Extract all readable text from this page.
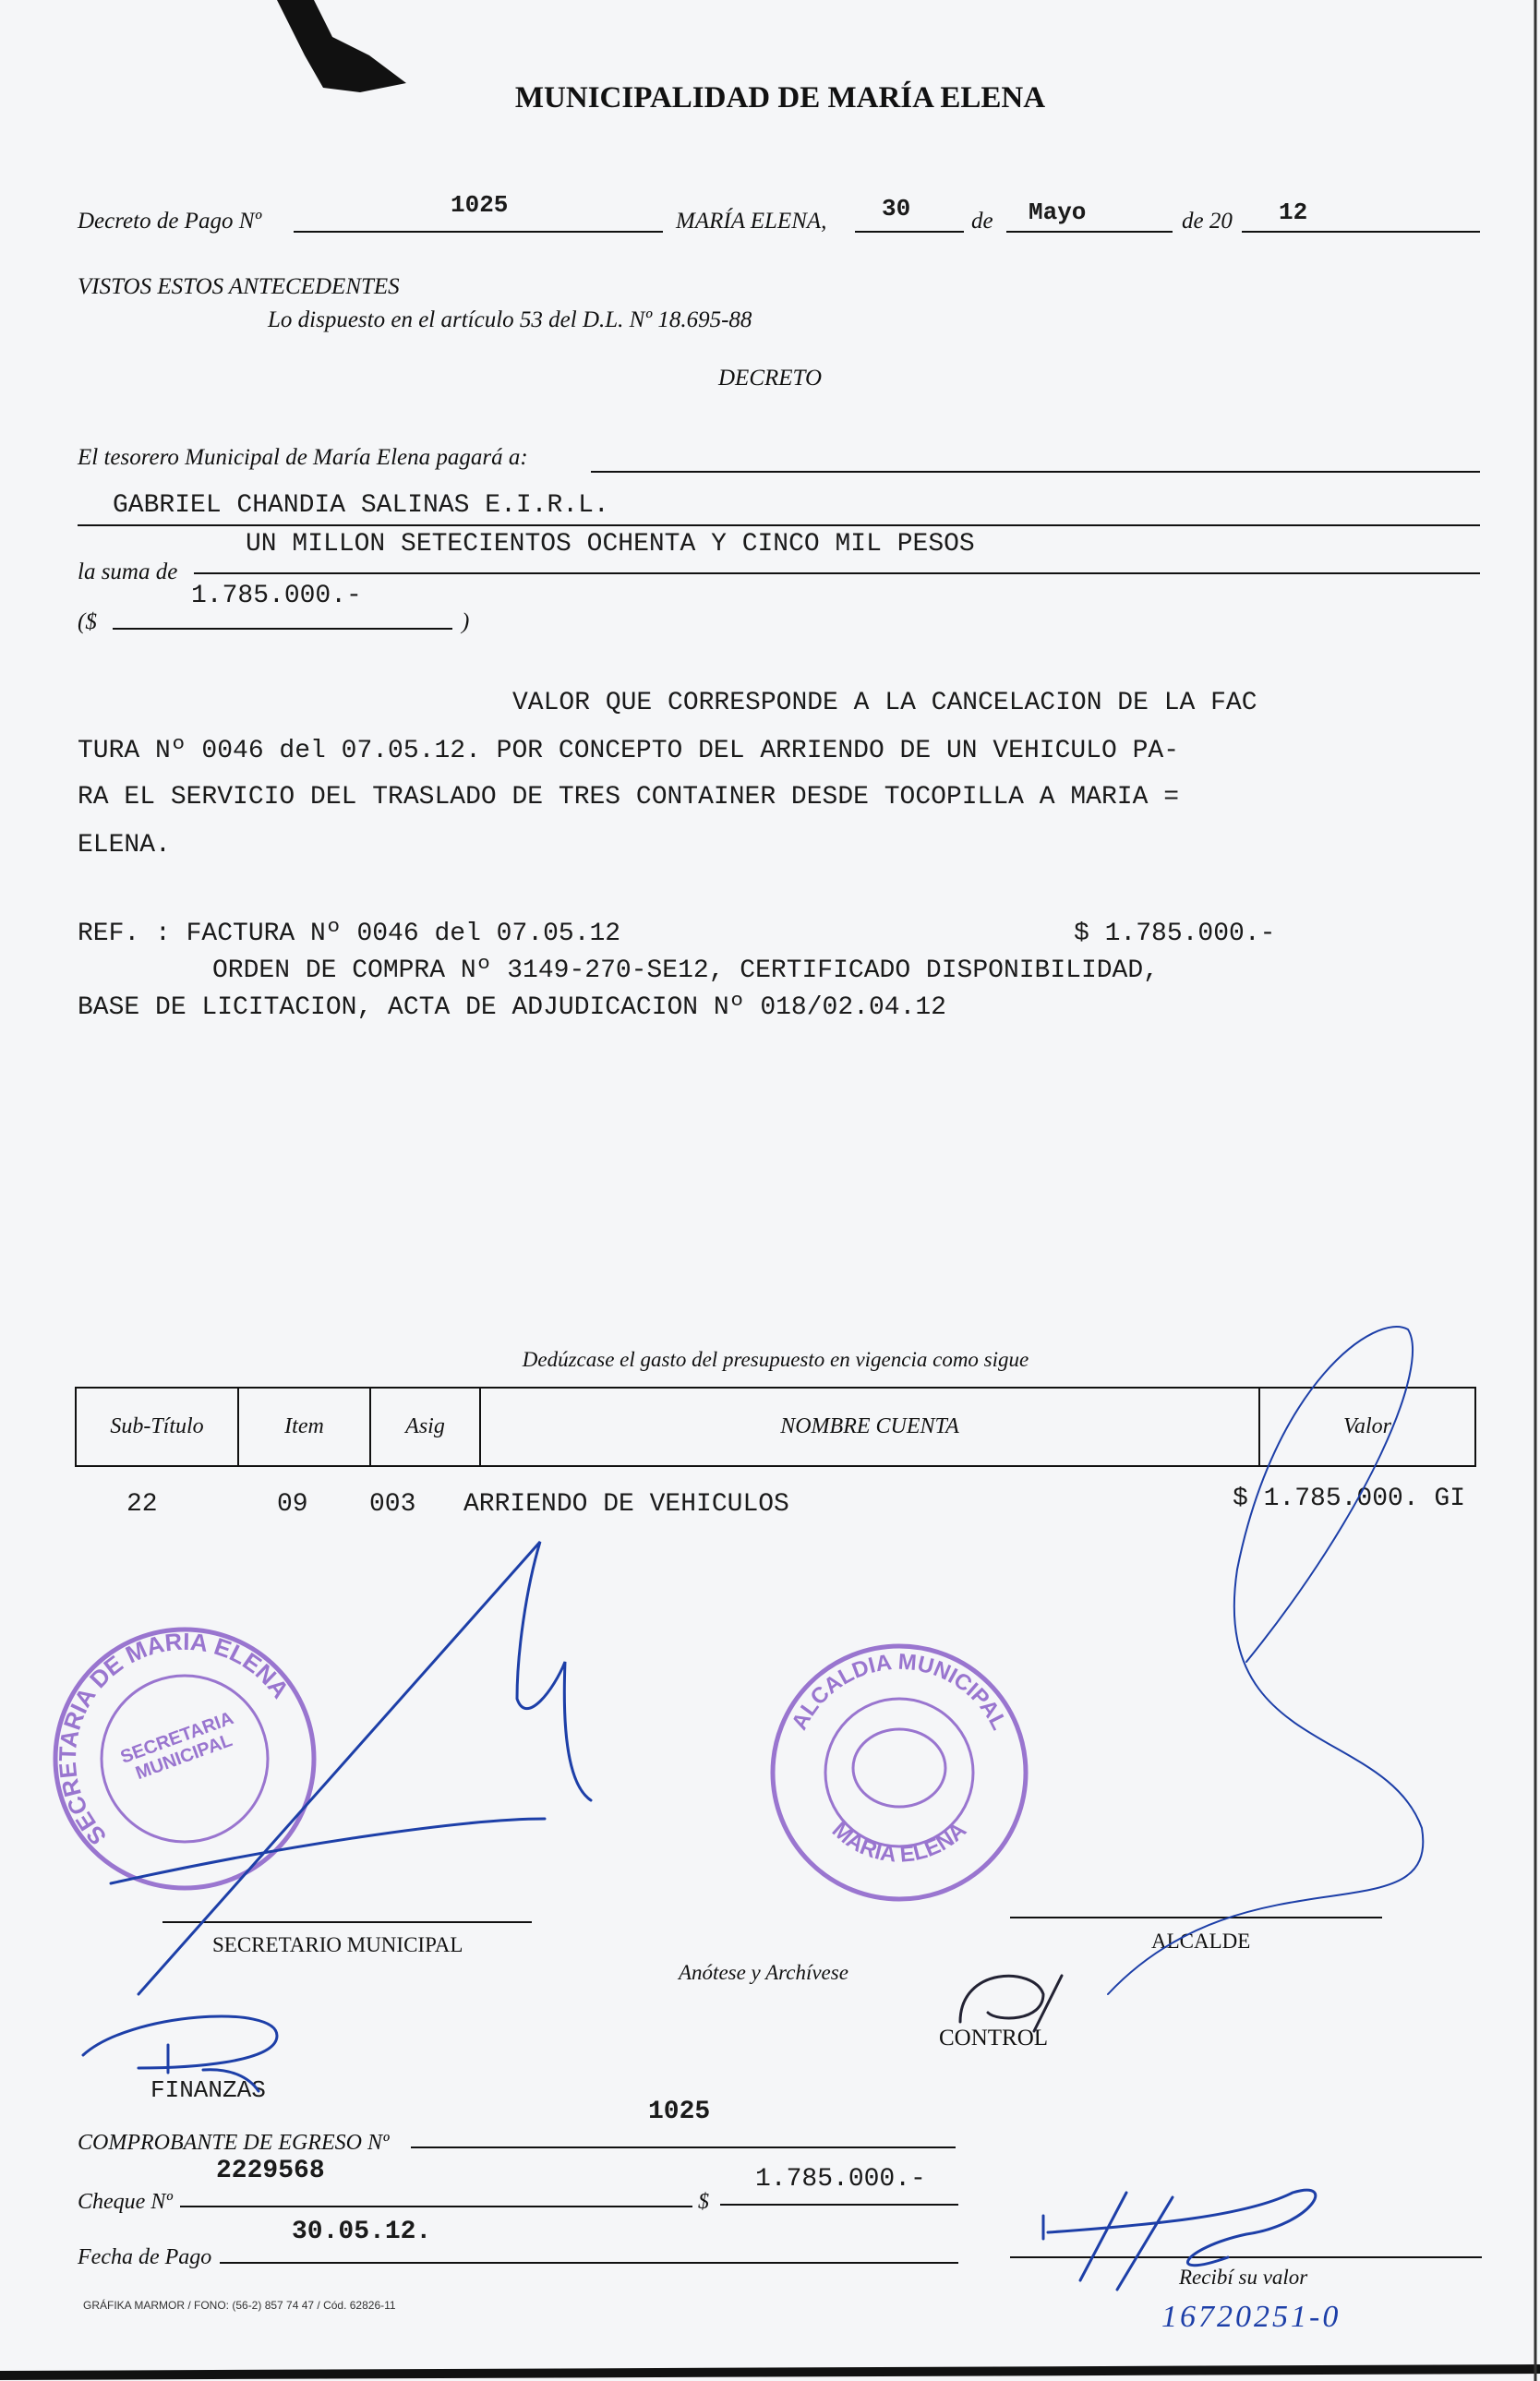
MUNICIPALIDAD DE MARÍA ELENA
Decreto de Pago Nº
1025
MARÍA ELENA, 30	de Mayo	de 20 12
VISTOS ESTOS ANTECEDENTES
Lo dispuesto en el artículo 53 del D.L. Nº 18.695-88
DECRETO
El tesorero Municipal de María Elena pagará a:
GABRIEL CHANDIA SALINAS E.I.R.L.
UN MILLON SETECIENTOS OCHENTA Y CINCO MIL PESOS
la suma de
($
1.785.000.-
)
VALOR QUE CORRESPONDE A LA CANCELACION DE LA FAC
TURA Nº 0046 del 07.05.12. POR CONCEPTO DEL ARRIENDO DE UN VEHICULO PA-
RA EL SERVICIO DEL TRASLADO DE TRES CONTAINER DESDE TOCOPILLA A MARIA =
ELENA.
REF. : FACTURA Nº 0046 del 07.05.12	$ 1.785.000.-
ORDEN DE COMPRA Nº 3149-270-SE12, CERTIFICADO DISPONIBILIDAD,
BASE DE LICITACION, ACTA DE ADJUDICACION Nº 018/02.04.12
Dedúzcase el gasto del presupuesto en vigencia como sigue
Sub-Título	Item	Asig	NOMBRE CUENTA	Valor
22	09 003 ARRIENDO DE VEHICULOS	$ 1.785.000. GI
SECRETARIA DE MARIA ELENA
SECRETARIA MUNICIPAL
ALCALDIA MUNICIPAL
MARIA ELENA
SECRETARIO MUNICIPAL	ALCALDE
Anótese y Archívese
CONTROL
FINANZAS
1025
COMPROBANTE DE EGRESO Nº
2229568
Cheque Nº	$
1.785.000.-
30.05.12.
Fecha de Pago
Recibí su valor
16720251-0
GRÁFIKA MARMOR / FONO: (56-2) 857 74 47 / Cód. 62826-11
